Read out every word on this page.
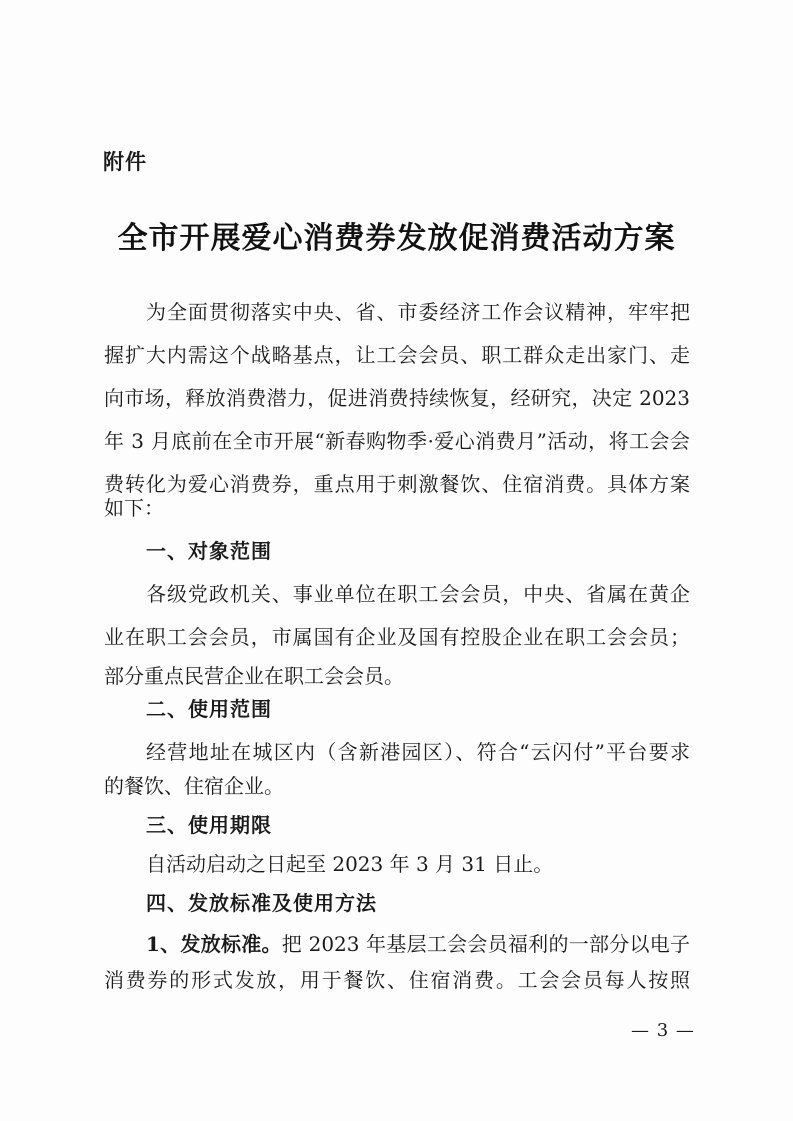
附件
全市开展爱心消费券发放促消费活动方案
为全面贯彻落实中央、省、市委经济工作会议精神，牢牢把
握扩大内需这个战略基点，让工会会员、职工群众走出家门、走
向市场，释放消费潜力，促进消费持续恢复，经研究，决定 2023
年 3 月底前在全市开展“新春购物季·爱心消费月”活动，将工会会
费转化为爱心消费券，重点用于刺激餐饮、住宿消费。具体方案
如下：
一、对象范围
各级党政机关、事业单位在职工会会员，中央、省属在黄企
业在职工会会员，市属国有企业及国有控股企业在职工会会员；
部分重点民营企业在职工会会员。
二、使用范围
经营地址在城区内（含新港园区）、符合“云闪付”平台要求
的餐饮、住宿企业。
三、使用期限
自活动启动之日起至 2023 年 3 月 31 日止。
四、发放标准及使用方法
1、发放标准。把 2023 年基层工会会员福利的一部分以电子
消费券的形式发放，用于餐饮、住宿消费。工会会员每人按照
— 3 —
